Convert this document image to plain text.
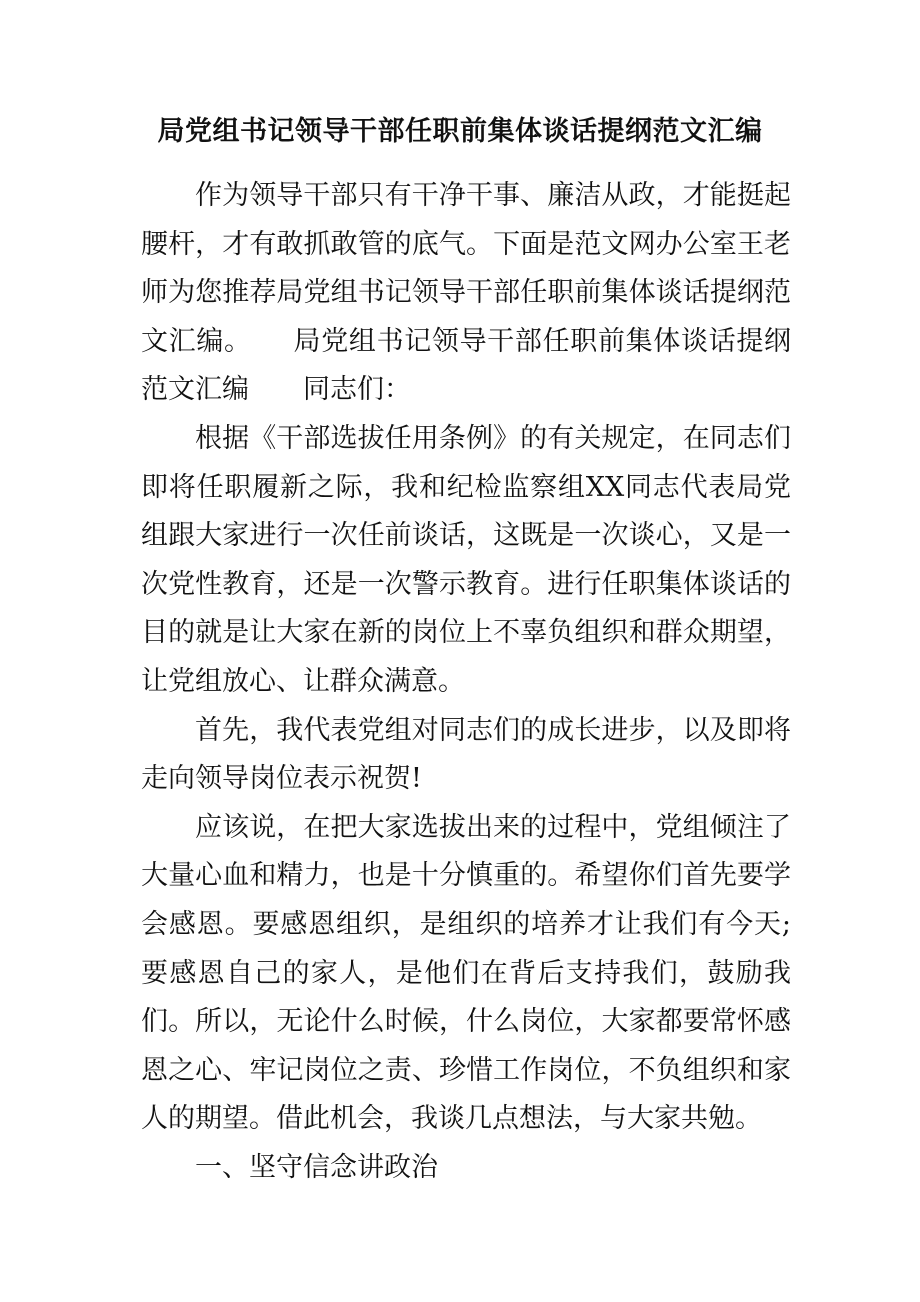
局党组书记领导干部任职前集体谈话提纲范文汇编

作为领导干部只有干净干事、廉洁从政，才能挺起腰杆，才有敢抓敢管的底气。下面是范文网办公室王老师为您推荐局党组书记领导干部任职前集体谈话提纲范文汇编。　　局党组书记领导干部任职前集体谈话提纲范文汇编　　同志们：

根据《干部选拔任用条例》的有关规定，在同志们即将任职履新之际，我和纪检监察组XX同志代表局党组跟大家进行一次任前谈话，这既是一次谈心，又是一次党性教育，还是一次警示教育。进行任职集体谈话的目的就是让大家在新的岗位上不辜负组织和群众期望，让党组放心、让群众满意。

首先，我代表党组对同志们的成长进步，以及即将走向领导岗位表示祝贺!

应该说，在把大家选拔出来的过程中，党组倾注了大量心血和精力，也是十分慎重的。希望你们首先要学会感恩。要感恩组织，是组织的培养才让我们有今天;要感恩自己的家人，是他们在背后支持我们，鼓励我们。所以，无论什么时候，什么岗位，大家都要常怀感恩之心、牢记岗位之责、珍惜工作岗位，不负组织和家人的期望。借此机会，我谈几点想法，与大家共勉。

一、坚守信念讲政治
